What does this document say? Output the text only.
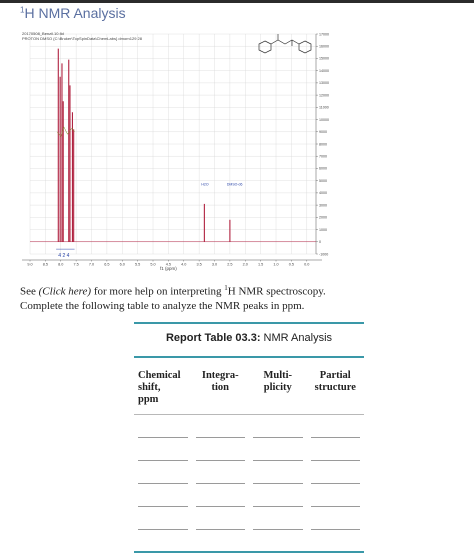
$^1$H NMR Analysis
20170508_Benzil.10.fid
PROTON DMSO {C:\Bruker\TopSpinData\ChemLabs} dmorn129 28
17000
16000
15000
14000
13000
12000
11000
10000
9000
8000
7000
6000
5000
4000
3000
2000
1000
0
-1000
9.0	8.5	8.0	7.5	7.0	6.5	6.0	5.5	5.0	4.5	4.0	3.5	3.0	2.5	2.0	1.5	1.0	0.5	0.0
H2O	DMSO-d6
4 2 4
f1 (ppm)
See (Click here) for more help on interpreting $^1$H NMR spectroscopy.
Complete the following table to analyze the NMR peaks in ppm.
Report Table 03.3: NMR Analysis
Chemical
shift,
ppm
Integra-
tion
Multi-
plicity
Partial
structure
